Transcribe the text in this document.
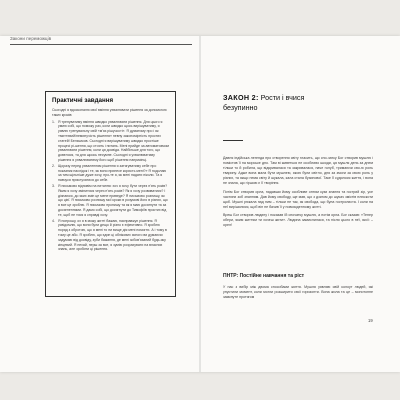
Закони переможців
Практичні завдання

Сьогодні я вдосконалю свої вміння ухвалювати рішення за допомогою таких кроків:

1. Я тренуватиму вміння швидко ухвалювати рішення. Для цього я умию собі, що поможу раз, коли швидко щось вирішуватиму, я уявлю тренувальну свій «м'яз рішучості». Я думатиму про і як «миттєвий/неминучість рішення» певну закономірність простих статей! Бельчиков. Сьогодні я вирішуватиму швидко простіше процесі рі-шення, що стоять і питань. Мені прийде за автоматизмом ухвалювати рішення, коли ця досвіда. Найбільше для того, що довелося, та для щоось несумне. Сьогодні я ухвалюватиму рішення я ухвалюватиму його щоб рішення наприкінці.
2. Щоразу перед ухваленням рішення я затягуватиму себе про показник наслідок і те, як воно принесе користь мені?» Я подолаю за тим щільніше дуже хочу, про-те я, як мені надати ніколи. Та я навчуся прислухатися до себе.
3. Я письмово відповім на питання: хоч я хочу бути через п'ять років? Яким я хочу змінитися через п'ять років? Як я хочу розвиватися? І дізнаюся, до яких змін це мене приведе? Я письмово розпишу, як що цієї. Я письмово розпишу мої кроки в розумові його в різних, що я все це зроблю. Я письмово пропишу та як я маю досягнути та за досягненнями. Я дамо собі, що досягнути до Тимофіїв простих від те, щоб не тися я справді хочу.
4. Я попрошу, ох я в можу житті бажаю, насправжує рішення. Я усвідомлю, що вони були дещо й різно є ефективно. Я зроблю поряд з обротою, що я мені то пи вище дія мені помогти. А і тому в тому це або. Я зроблю, що єдин ці облікових ясного ви думаючи задумаю від досвіду, зуби бажання, де мені зобов'язаний будь-яку кінцевий. Я нехай, перш за все, я зумію розрахувати на власних знань, але зробити ці рішення.
ЗАКОН 2: Рости і вчися
безупинно

Давня індійська легенда про створення світу гласить, що спо-чатку Бог створив мушлю і помістив її на морське дно. Там ві живеться не особливо шкоди, ця мушля день за днем тільки то й робила, що відкривалася та закривалася, наче голуб, тримаючи сво-ю роль тварину. Адже вона мала бути мушлею, якою були світло, дня за змоги за свою роль у різних, та якщо нема світу й шукала, кала стала бузинової. Таке її судилося життя, і вона не знала, що гіршою є її творіння.

Потім Бог створив орла, надавши йому особливе оптим кузи знання та гострий зір, усе частини зоб знанням. Дав йому свободу, ще мав, що з дзигом до шукач змістів плюскоти щоб. Мушлі рюкала над ним – тільки не так, як свобода, що була гостролиста. І коли на неї вирішилися, щоб він не бачив її у повсякденному житті.

Вреш Бог створив людину і показав їй спочатку мушлю, а потім орла. Бог сказав: «Тепер обери, яким життям ти хочеш жити». Людина замислилася, та після цього в неї, якої: – орел!

ПНТР: Постійне навчання та ріст

У нас з вибір між двома способами життя. Мушля уявляю свій колоут людей, які упустили момент, коли могли розширити свої горизонти. Вона жила та це – монотонне замкнуте протягом

19
